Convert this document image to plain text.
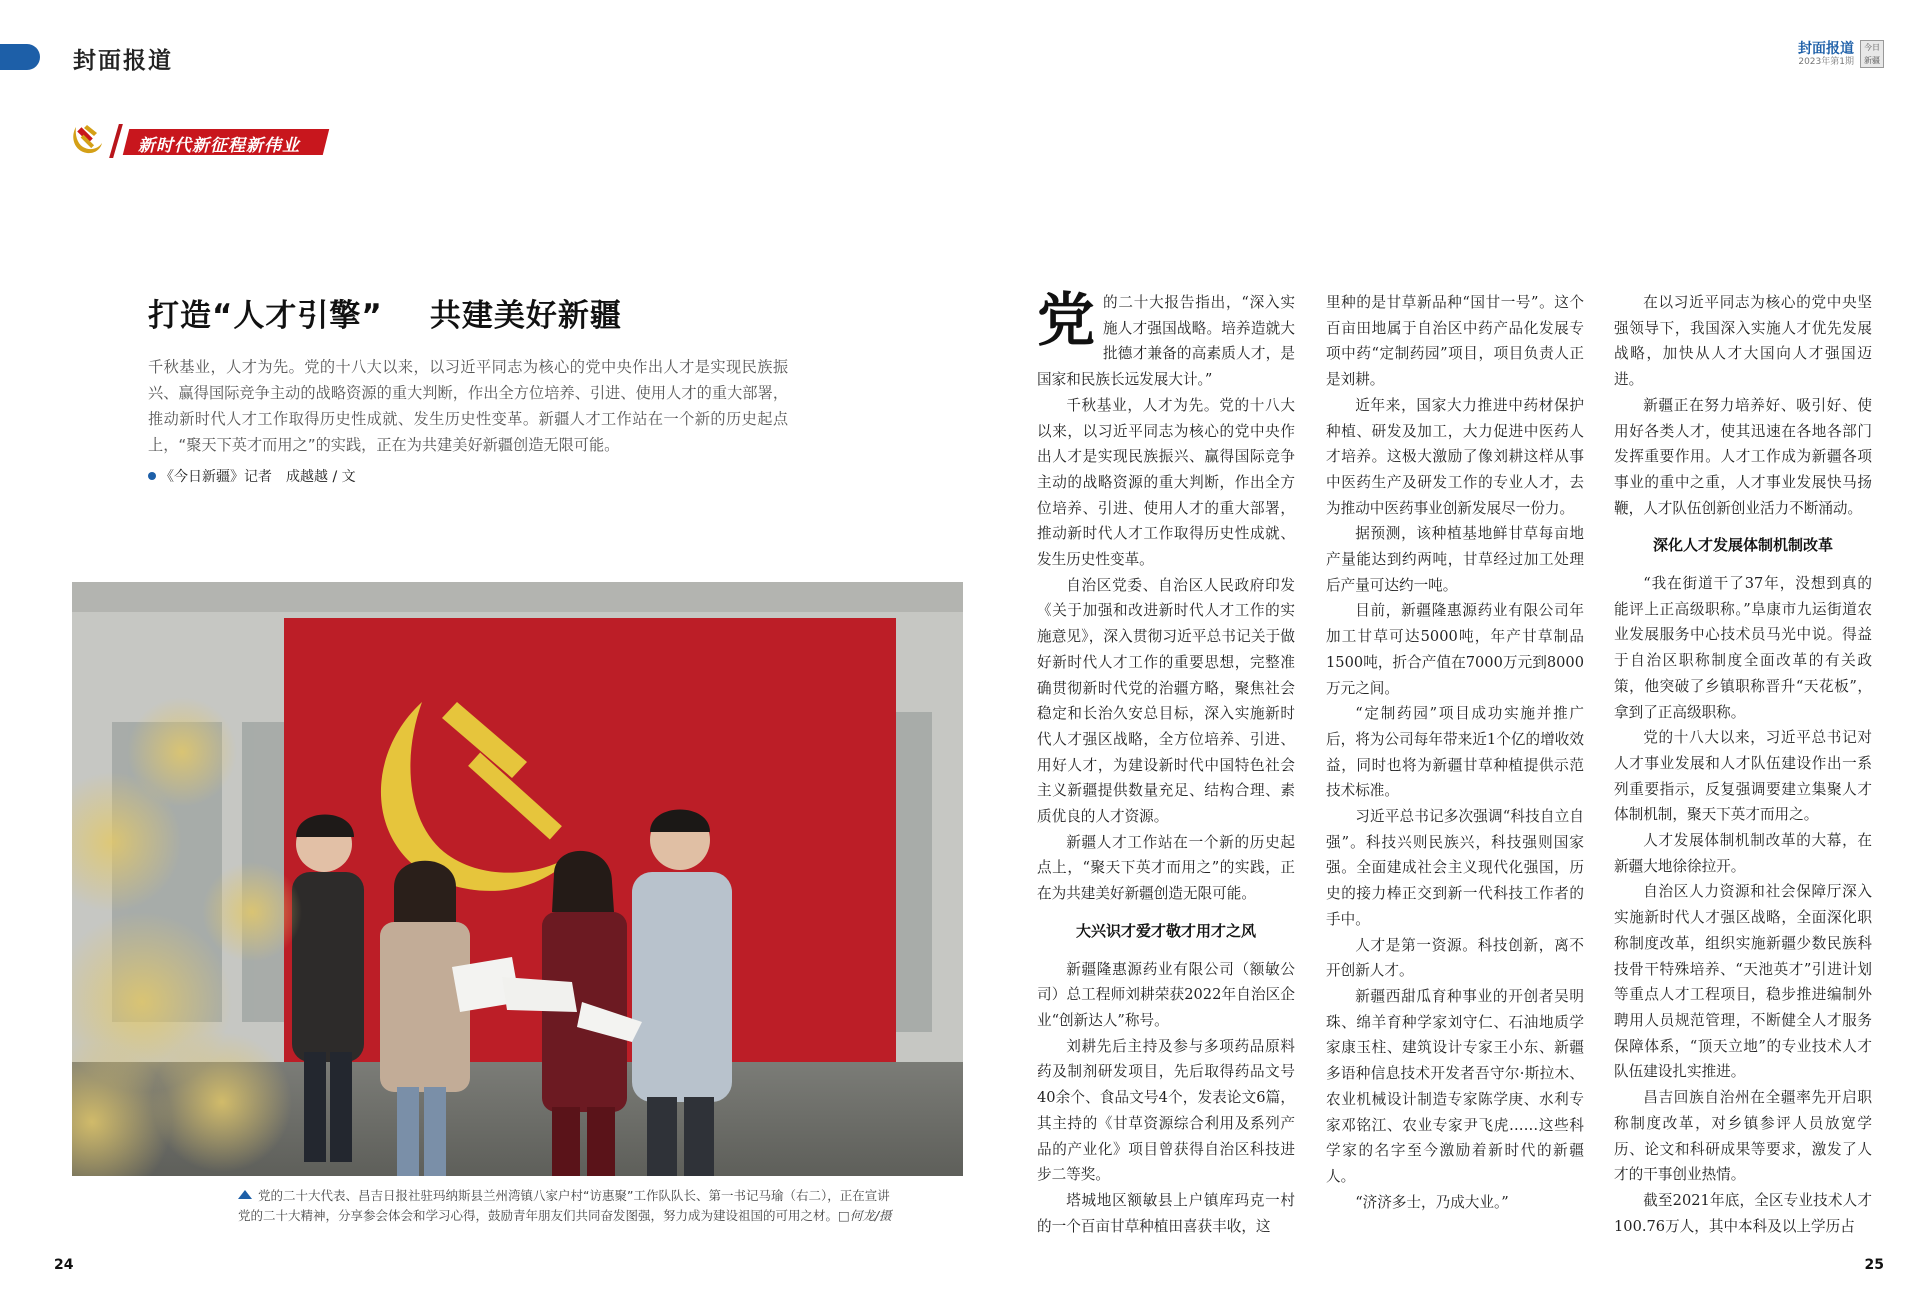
封面报道	封面报道
2023年第1期
今日
新疆
新时代新征程新伟业
打造“人才引擎”    共建美好新疆
千秋基业，人才为先。党的十八大以来，以习近平同志为核心的党中央作出人才是实现民族振兴、赢得国际竞争主动的战略资源的重大判断，作出全方位培养、引进、使用人才的重大部署，推动新时代人才工作取得历史性成就、发生历史性变革。新疆人才工作站在一个新的历史起点上，“聚天下英才而用之”的实践，正在为共建美好新疆创造无限可能。
《今日新疆》记者　成越越 / 文
党的二十大代表、昌吉日报社驻玛纳斯县兰州湾镇八家户村“访惠聚”工作队队长、第一书记马瑜（右二），正在宣讲党的二十大精神，分享参会体会和学习心得，鼓励青年朋友们共同奋发图强，努力成为建设祖国的可用之材。□何龙/摄
24	25

党的二十大报告指出，“深入实施人才强国战略。培养造就大批德才兼备的高素质人才，是国家和民族长远发展大计。”

千秋基业，人才为先。党的十八大以来，以习近平同志为核心的党中央作出人才是实现民族振兴、赢得国际竞争主动的战略资源的重大判断，作出全方位培养、引进、使用人才的重大部署，推动新时代人才工作取得历史性成就、发生历史性变革。

自治区党委、自治区人民政府印发《关于加强和改进新时代人才工作的实施意见》，深入贯彻习近平总书记关于做好新时代人才工作的重要思想，完整准确贯彻新时代党的治疆方略，聚焦社会稳定和长治久安总目标，深入实施新时代人才强区战略，全方位培养、引进、用好人才，为建设新时代中国特色社会主义新疆提供数量充足、结构合理、素质优良的人才资源。

新疆人才工作站在一个新的历史起点上，“聚天下英才而用之”的实践，正在为共建美好新疆创造无限可能。

大兴识才爱才敬才用才之风

新疆隆惠源药业有限公司（额敏公司）总工程师刘耕荣获2022年自治区企业“创新达人”称号。

刘耕先后主持及参与多项药品原料药及制剂研发项目，先后取得药品文号40余个、食品文号4个，发表论文6篇，其主持的《甘草资源综合利用及系列产品的产业化》项目曾获得自治区科技进步二等奖。

塔城地区额敏县上户镇库玛克一村的一个百亩甘草种植田喜获丰收，这

里种的是甘草新品种“国甘一号”。这个百亩田地属于自治区中药产品化发展专项中药“定制药园”项目，项目负责人正是刘耕。

近年来，国家大力推进中药材保护种植、研发及加工，大力促进中医药人才培养。这极大激励了像刘耕这样从事中医药生产及研发工作的专业人才，去为推动中医药事业创新发展尽一份力。

据预测，该种植基地鲜甘草每亩地产量能达到约两吨，甘草经过加工处理后产量可达约一吨。

目前，新疆隆惠源药业有限公司年加工甘草可达5000吨，年产甘草制品1500吨，折合产值在7000万元到8000万元之间。

“定制药园”项目成功实施并推广后，将为公司每年带来近1个亿的增收效益，同时也将为新疆甘草种植提供示范技术标准。

习近平总书记多次强调“科技自立自强”。科技兴则民族兴，科技强则国家强。全面建成社会主义现代化强国，历史的接力棒正交到新一代科技工作者的手中。

人才是第一资源。科技创新，离不开创新人才。

新疆西甜瓜育种事业的开创者吴明珠、绵羊育种学家刘守仁、石油地质学家康玉柱、建筑设计专家王小东、新疆多语种信息技术开发者吾守尔·斯拉木、农业机械设计制造专家陈学庚、水利专家邓铭江、农业专家尹飞虎……这些科学家的名字至今激励着新时代的新疆人。

“济济多士，乃成大业。”

在以习近平同志为核心的党中央坚强领导下，我国深入实施人才优先发展战略，加快从人才大国向人才强国迈进。

新疆正在努力培养好、吸引好、使用好各类人才，使其迅速在各地各部门发挥重要作用。人才工作成为新疆各项事业的重中之重，人才事业发展快马扬鞭，人才队伍创新创业活力不断涌动。

深化人才发展体制机制改革

“我在街道干了37年，没想到真的能评上正高级职称。”阜康市九运街道农业发展服务中心技术员马光中说。得益于自治区职称制度全面改革的有关政策，他突破了乡镇职称晋升“天花板”，拿到了正高级职称。

党的十八大以来，习近平总书记对人才事业发展和人才队伍建设作出一系列重要指示，反复强调要建立集聚人才体制机制，聚天下英才而用之。

人才发展体制机制改革的大幕，在新疆大地徐徐拉开。

自治区人力资源和社会保障厅深入实施新时代人才强区战略，全面深化职称制度改革，组织实施新疆少数民族科技骨干特殊培养、“天池英才”引进计划等重点人才工程项目，稳步推进编制外聘用人员规范管理，不断健全人才服务保障体系，“顶天立地”的专业技术人才队伍建设扎实推进。

昌吉回族自治州在全疆率先开启职称制度改革，对乡镇参评人员放宽学历、论文和科研成果等要求，激发了人才的干事创业热情。

截至2021年底，全区专业技术人才100.76万人，其中本科及以上学历占
